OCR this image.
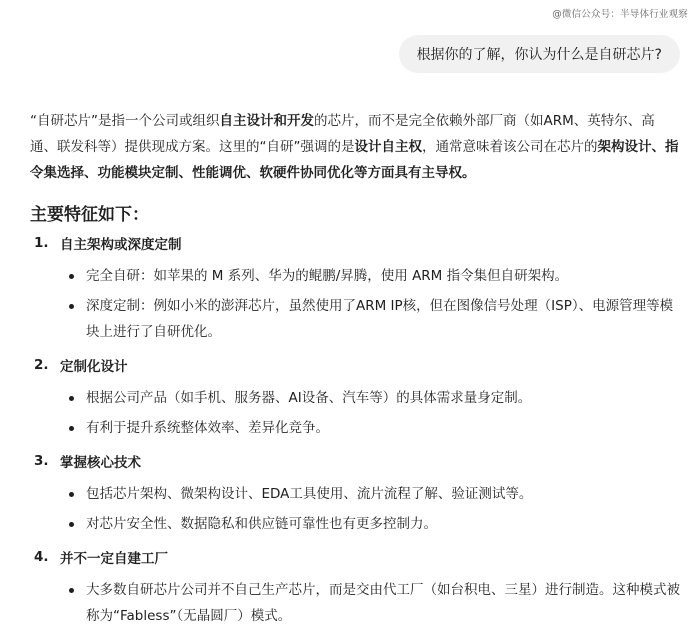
@微信公众号：半导体行业观察
根据你的了解，你认为什么是自研芯片?

“自研芯片”是指一个公司或组织自主设计和开发的芯片，而不是完全依赖外部厂商（如ARM、英特尔、高通、联发科等）提供现成方案。这里的“自研”强调的是设计自主权，通常意味着该公司在芯片的架构设计、指令集选择、功能模块定制、性能调优、软硬件协同优化等方面具有主导权。

主要特征如下：
1. 自主架构或深度定制
完全自研：如苹果的 M 系列、华为的鲲鹏/昇腾，使用 ARM 指令集但自研架构。
深度定制：例如小米的澎湃芯片，虽然使用了ARM IP核，但在图像信号处理（ISP）、电源管理等模块上进行了自研优化。
2. 定制化设计
根据公司产品（如手机、服务器、AI设备、汽车等）的具体需求量身定制。
有利于提升系统整体效率、差异化竞争。
3. 掌握核心技术
包括芯片架构、微架构设计、EDA工具使用、流片流程了解、验证测试等。
对芯片安全性、数据隐私和供应链可靠性也有更多控制力。
4. 并不一定自建工厂
大多数自研芯片公司并不自己生产芯片，而是交由代工厂（如台积电、三星）进行制造。这种模式被称为“Fabless”（无晶圆厂）模式。
